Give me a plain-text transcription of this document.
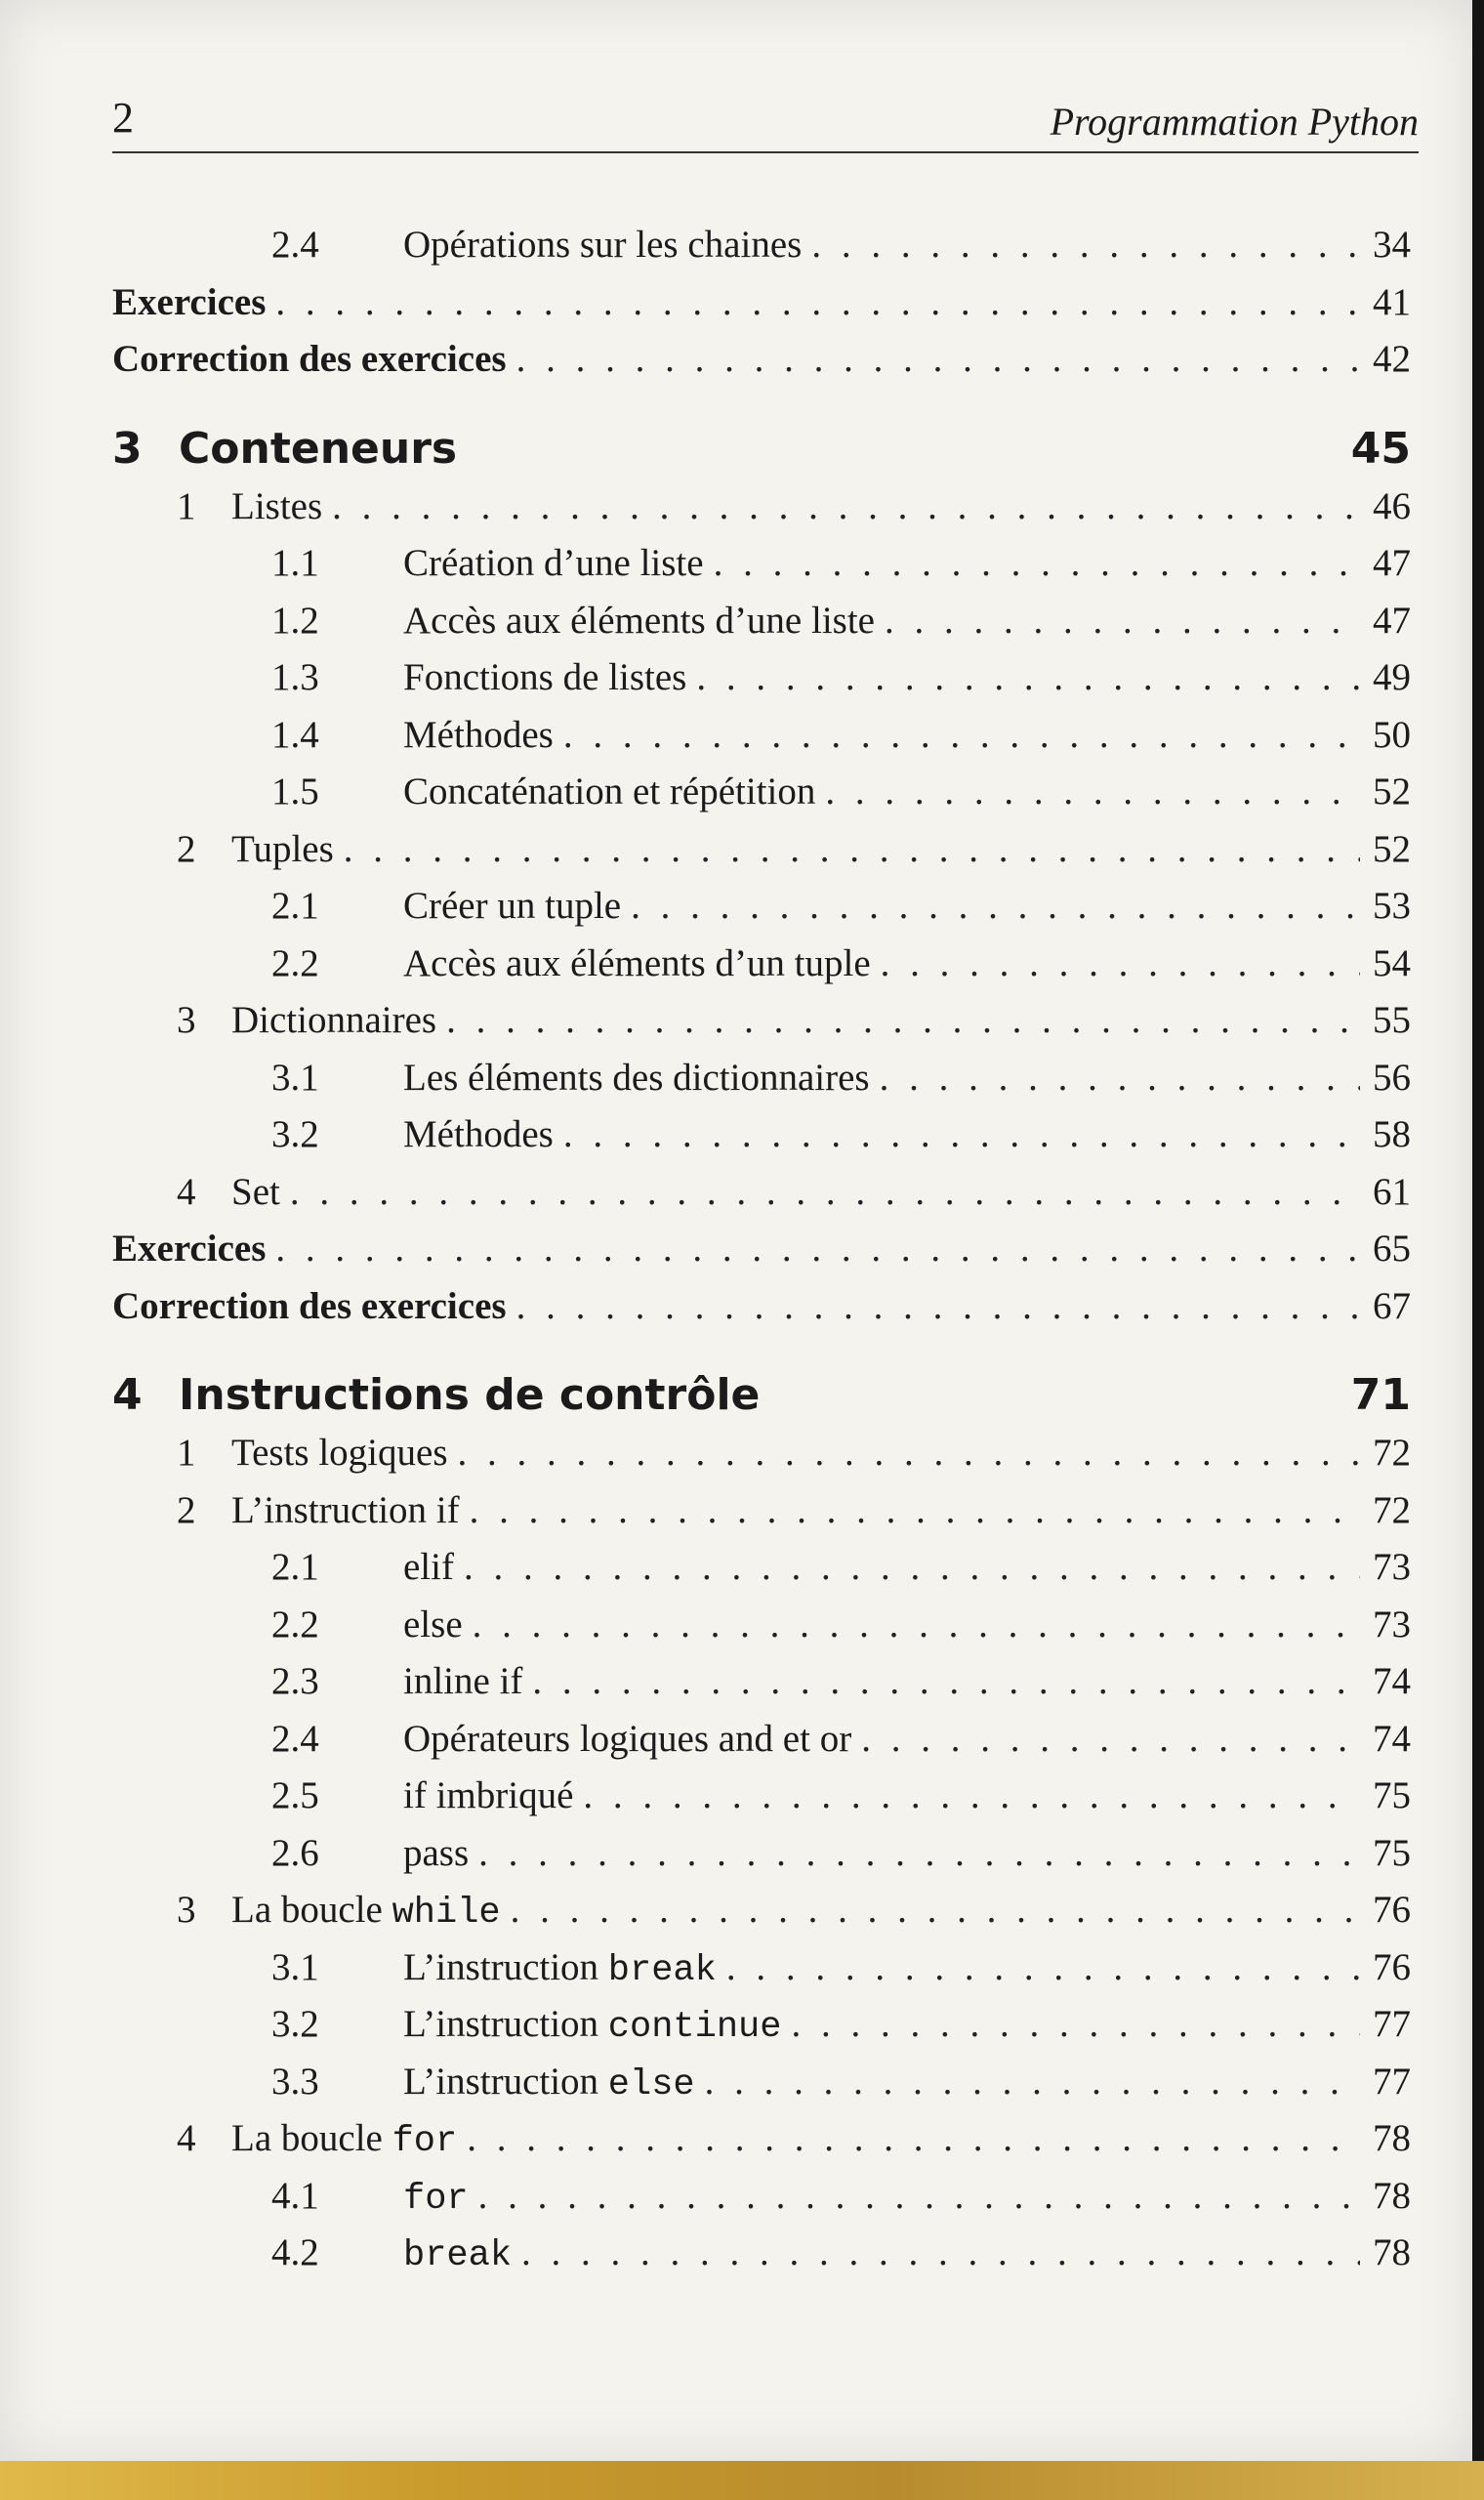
2	Programmation Python
2.4	Opérations sur les chaines . . .	34
Exercices . . .	41
Correction des exercices . . .	42
3 Conteneurs	45
1 Listes . . .	46
1.1	Création d’une liste . . .	47
1.2	Accès aux éléments d’une liste . . .	47
1.3	Fonctions de listes . . .	49
1.4	Méthodes . . .	50
1.5	Concaténation et répétition . . .	52
2 Tuples . . .	52
2.1	Créer un tuple . . .	53
2.2	Accès aux éléments d’un tuple . . .	54
3 Dictionnaires . . .	55
3.1	Les éléments des dictionnaires . . .	56
3.2	Méthodes . . .	58
4 Set . . .	61
Exercices . . .	65
Correction des exercices . . .	67
4 Instructions de contrôle	71
1 Tests logiques . . .	72
2 L’instruction if . . .	72
2.1	elif . . .	73
2.2	else . . .	73
2.3	inline if . . .	74
2.4	Opérateurs logiques and et or . . .	74
2.5	if imbriqué . . .	75
2.6	pass . . .	75
3 La boucle while . . .	76
3.1	L’instruction break . . .	76
3.2	L’instruction continue . . .	77
3.3	L’instruction else . . .	77
4 La boucle for . . .	78
4.1	for . . .	78
4.2	break . . .	78
